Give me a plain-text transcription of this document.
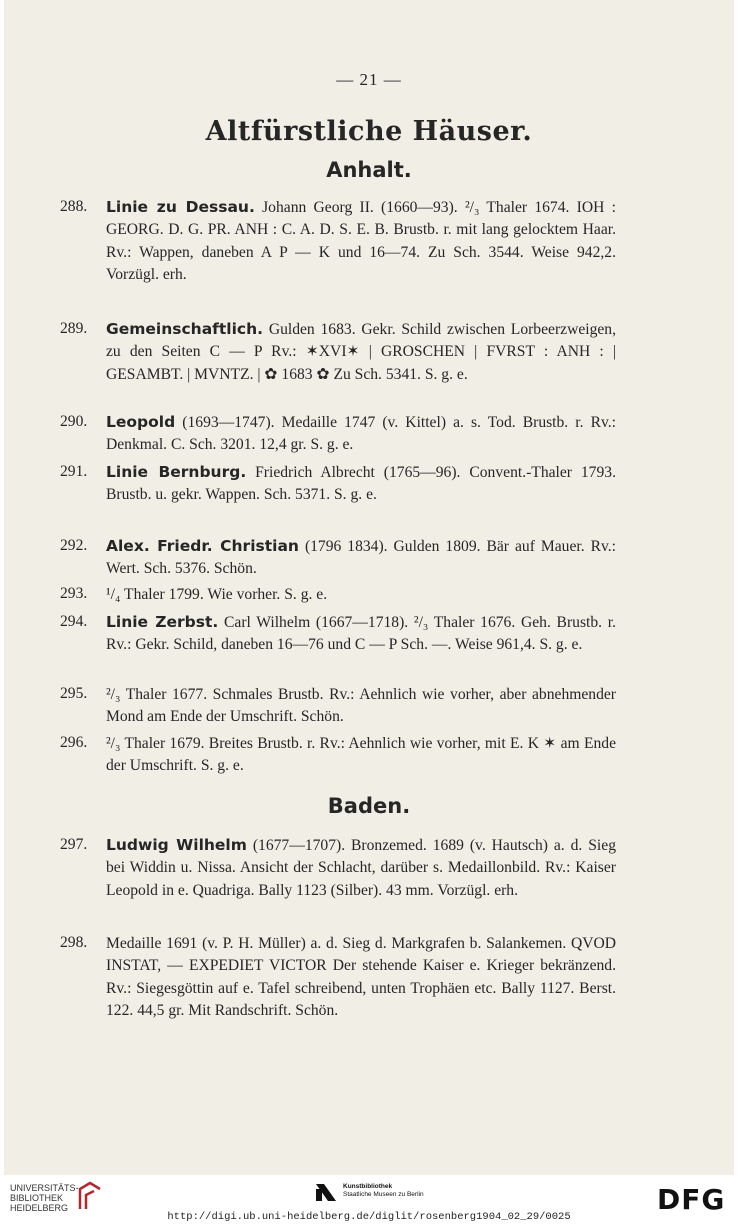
— 21 —
Altfürstliche Häuser.
Anhalt.
288. Linie zu Dessau. Johann Georg II. (1660—93). ²/₃ Thaler 1674. IOH : GEORG. D. G. PR. ANH : C. A. D. S. E. B. Brustb. r. mit lang gelocktem Haar. Rv.: Wappen, daneben A P — K und 16—74. Zu Sch. 3544. Weise 942,2. Vorzügl. erh.
289. Gemeinschaftlich. Gulden 1683. Gekr. Schild zwischen Lorbeerzweigen, zu den Seiten C — P Rv.: ✶XVI✶ | GROSCHEN | FVRST : ANH : | GESAMBT. | MVNTZ. | ✿ 1683 ✿ Zu Sch. 5341. S. g. e.
290. Leopold (1693—1747). Medaille 1747 (v. Kittel) a. s. Tod. Brustb. r. Rv.: Denkmal. C. Sch. 3201. 12,4 gr. S. g. e.
291. Linie Bernburg. Friedrich Albrecht (1765—96). Convent.-Thaler 1793. Brustb. u. gekr. Wappen. Sch. 5371. S. g. e.
292. Alex. Friedr. Christian (1796 1834). Gulden 1809. Bär auf Mauer. Rv.: Wert. Sch. 5376. Schön.
293. ¹/₄ Thaler 1799. Wie vorher. S. g. e.
294. Linie Zerbst. Carl Wilhelm (1667—1718). ²/₃ Thaler 1676. Geh. Brustb. r. Rv.: Gekr. Schild, daneben 16—76 und C — P Sch. —. Weise 961,4. S. g. e.
295. ²/₃ Thaler 1677. Schmales Brustb. Rv.: Aehnlich wie vorher, aber abnehmender Mond am Ende der Umschrift. Schön.
296. ²/₃ Thaler 1679. Breites Brustb. r. Rv.: Aehnlich wie vorher, mit E. K ✶ am Ende der Umschrift. S. g. e.
Baden.
297. Ludwig Wilhelm (1677—1707). Bronzemed. 1689 (v. Hautsch) a. d. Sieg bei Widdin u. Nissa. Ansicht der Schlacht, darüber s. Medaillonbild. Rv.: Kaiser Leopold in e. Quadriga. Bally 1123 (Silber). 43 mm. Vorzügl. erh.
298. Medaille 1691 (v. P. H. Müller) a. d. Sieg d. Markgrafen b. Salankemen. QVOD INSTAT, — EXPEDIET VICTOR Der stehende Kaiser e. Krieger bekränzend. Rv.: Siegesgöttin auf e. Tafel schreibend, unten Trophäen etc. Bally 1127. Berst. 122. 44,5 gr. Mit Randschrift. Schön.
UNIVERSITÄTS-
BIBLIOTHEK
HEIDELBERG
Kunstbibliothek
Staatliche Museen zu Berlin	DFG
http://digi.ub.uni-heidelberg.de/diglit/rosenberg1904_02_29/0025
